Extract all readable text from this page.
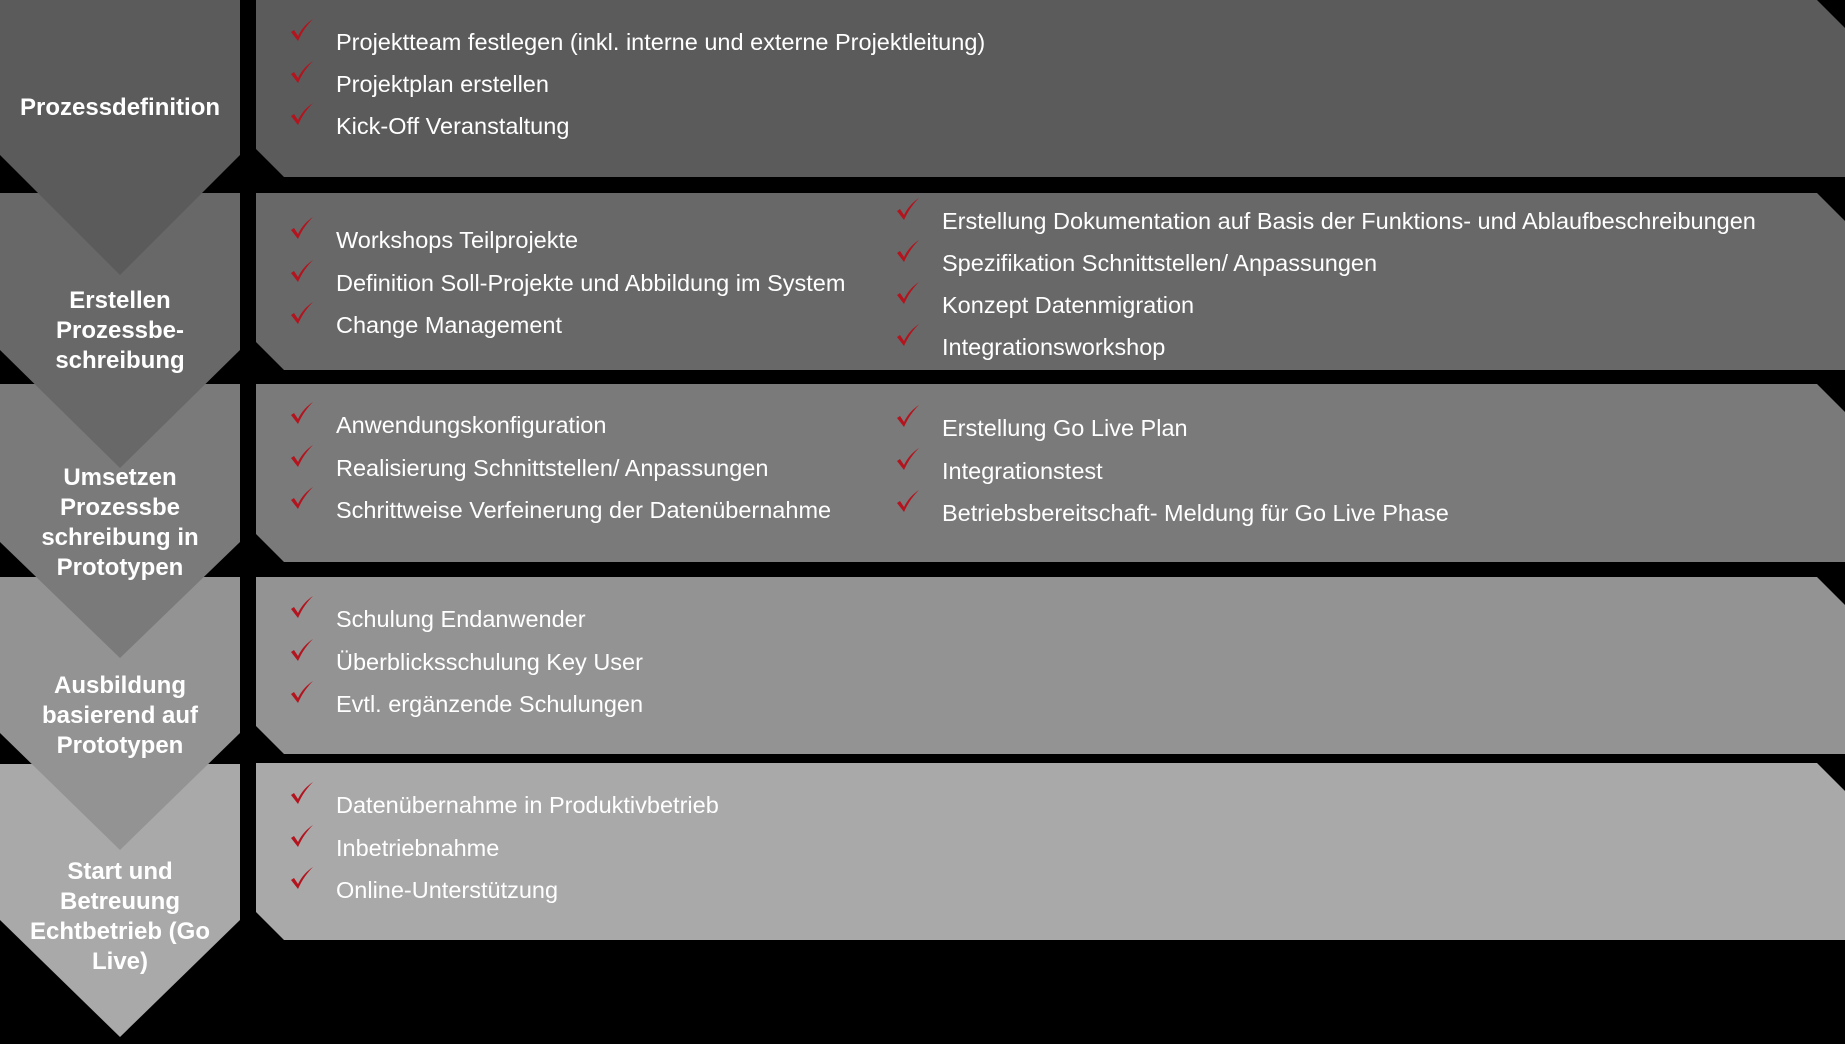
Prozessdefinition
Erstellen
Prozessbe-
schreibung
Umsetzen
Prozessbe
schreibung in
Prototypen
Ausbildung
basierend auf
Prototypen
Start und
Betreuung
Echtbetrieb (Go
Live)
Projektteam festlegen (inkl. interne und externe Projektleitung)
Projektplan erstellen
Kick-Off Veranstaltung
Workshops Teilprojekte
Definition Soll-Projekte und Abbildung im System
Change Management
Erstellung Dokumentation auf Basis der Funktions- und Ablaufbeschreibungen
Spezifikation Schnittstellen/ Anpassungen
Konzept Datenmigration
Integrationsworkshop
Anwendungskonfiguration
Realisierung Schnittstellen/ Anpassungen
Schrittweise Verfeinerung der Datenübernahme
Erstellung Go Live Plan
Integrationstest
Betriebsbereitschaft- Meldung für Go Live Phase
Schulung Endanwender
Überblicksschulung Key User
Evtl. ergänzende Schulungen
Datenübernahme in Produktivbetrieb
Inbetriebnahme
Online-Unterstützung
